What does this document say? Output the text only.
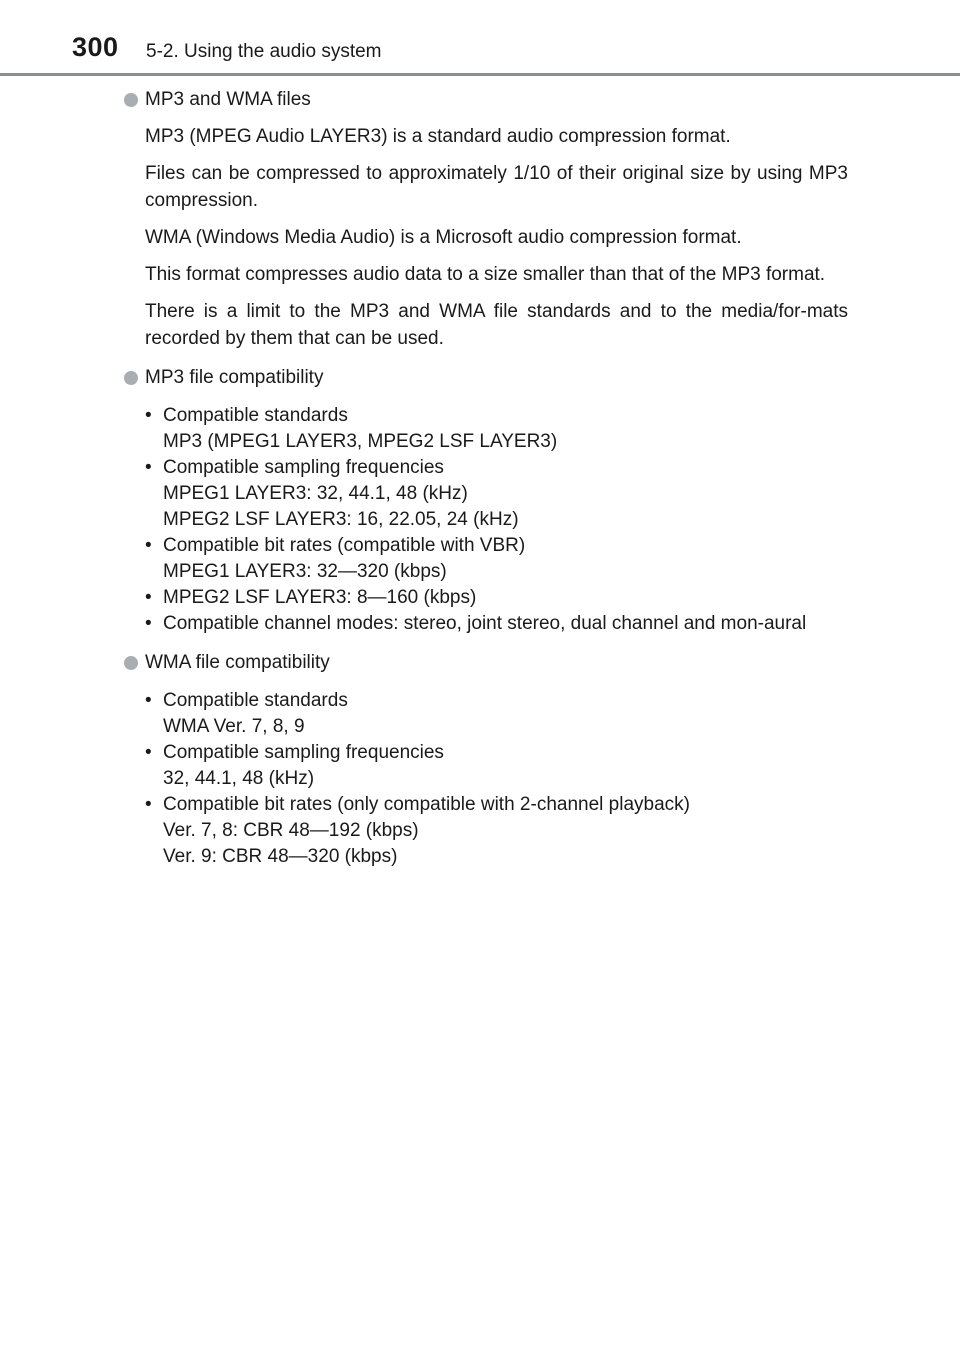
300 5-2. Using the audio system

MP3 and WMA files

MP3 (MPEG Audio LAYER3) is a standard audio compression format.

Files can be compressed to approximately 1/10 of their original size by using MP3 compression.

WMA (Windows Media Audio) is a Microsoft audio compression format.

This format compresses audio data to a size smaller than that of the MP3 format.

There is a limit to the MP3 and WMA file standards and to the media/for-mats recorded by them that can be used.

MP3 file compatibility

• Compatible standards
MP3 (MPEG1 LAYER3, MPEG2 LSF LAYER3)
• Compatible sampling frequencies
MPEG1 LAYER3: 32, 44.1, 48 (kHz)
MPEG2 LSF LAYER3: 16, 22.05, 24 (kHz)
• Compatible bit rates (compatible with VBR)
MPEG1 LAYER3: 32—320 (kbps)
• MPEG2 LSF LAYER3: 8—160 (kbps)
• Compatible channel modes: stereo, joint stereo, dual channel and mon-aural

WMA file compatibility

• Compatible standards
WMA Ver. 7, 8, 9
• Compatible sampling frequencies
32, 44.1, 48 (kHz)
• Compatible bit rates (only compatible with 2-channel playback)
Ver. 7, 8: CBR 48—192 (kbps)
Ver. 9: CBR 48—320 (kbps)
